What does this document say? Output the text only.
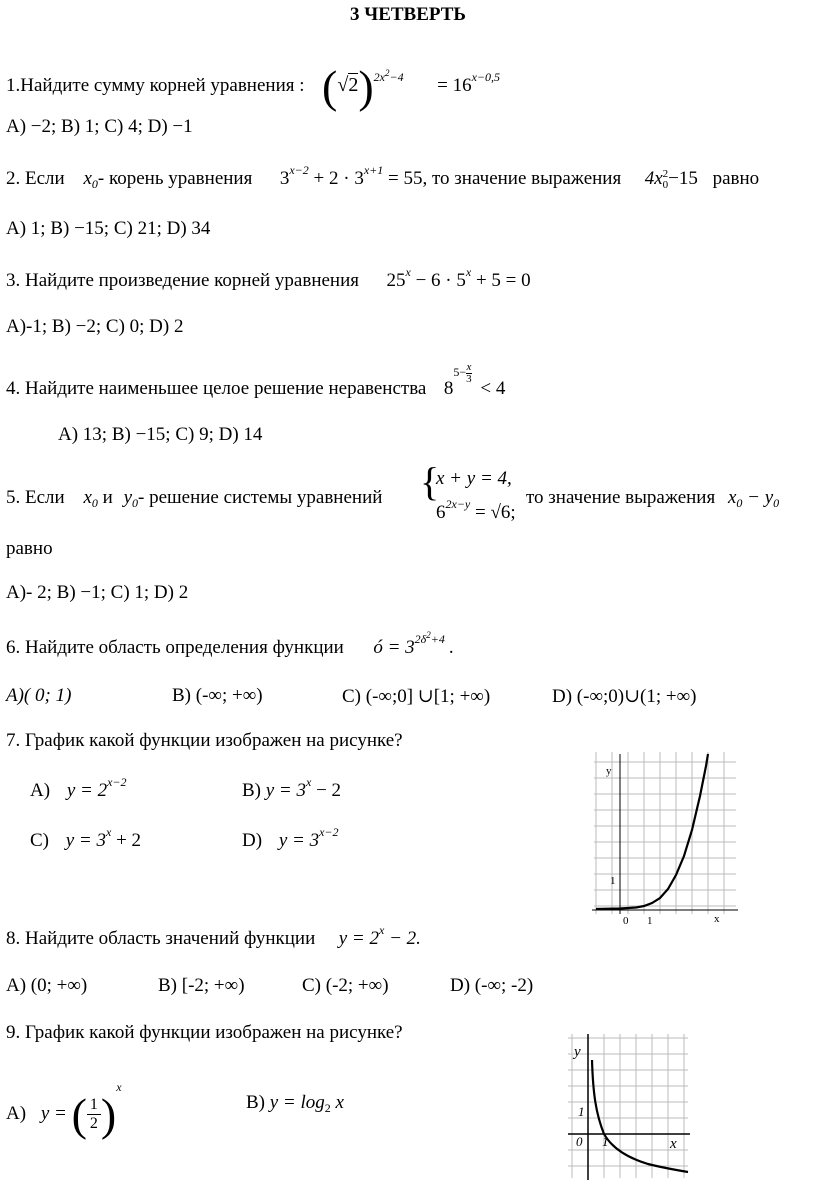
3 ЧЕТВЕРТЬ
1.Найдите сумму корней уравнения : $(√2)^{2x^2-4} = 16^{x-0,5}$
A) −2; B) 1; C) 4; D) −1
2. Если $x_0-$ корень уравнения $3^{x-2} + 2 \cdot 3^{x+1} = 55$, то значение выражения 4x 2
0 −15 равно
A) 1; B) −15; C) 21; D) 34
3. Найдите произведение корней уравнения $25^x - 6 \cdot 5^x + 5 = 0$
A)-1; B) −2; C) 0; D) 2
4. Найдите наименьшее целое решение неравенства $8^{5- \frac{x}{3}}$
< 4
A) 13; B) −15; C) 9; D) 14
5. Если $x_0$ и $y_0-$ решение системы уравнений {
x + y = 4,
$6^{2x-y} = √6$;
то значение выражения $x_0 - y_0$
равно
A)- 2; B) −1; C) 1; D) 2
6. Найдите область определения функции ó = $3^{2\delta^2+4}$ .
A)( 0; 1)	B) (-∞; +∞)	C) (-∞;0] ∪[1; +∞)	D) (-∞;0)∪(1; +∞)
7. График какой функции изображен на рисунке?
A) $y = 2^{x-2}$	B) $y = 3^x - 2$
C) $y = 3^x + 2$	D) $y = 3^{x-2}$
y
x
1
0 1
8. Найдите область значений функции $y = 2^x - 2$.
A) (0; +∞)	B) [-2; +∞)	C) (-2; +∞)	D) (-∞; -2)
9. График какой функции изображен на рисунке?
A) y = ( $\frac{1}{2} )^x$
B) $y = \log_2 x$
y
x
1
0 1
